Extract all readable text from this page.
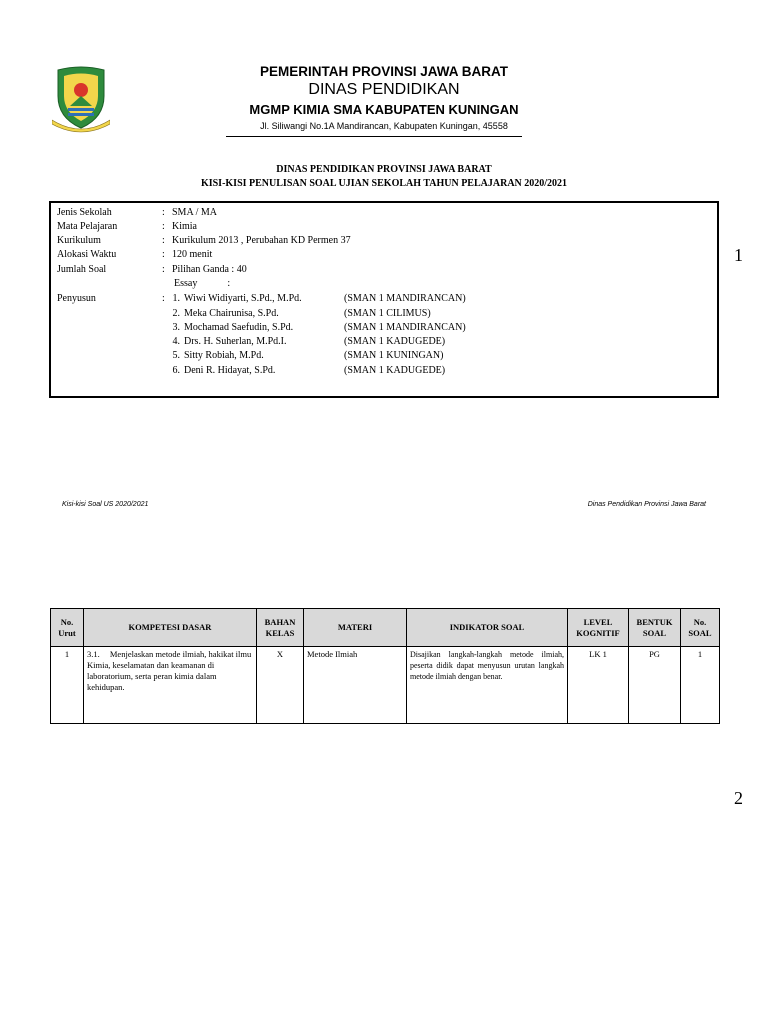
PEMERINTAH PROVINSI JAWA BARAT
DINAS PENDIDIKAN
MGMP KIMIA SMA KABUPATEN KUNINGAN
Jl. Siliwangi No.1A Mandirancan, Kabupaten Kuningan, 45558
DINAS PENDIDIKAN PROVINSI JAWA BARAT
KISI-KISI PENULISAN SOAL UJIAN SEKOLAH TAHUN PELAJARAN 2020/2021
Jenis Sekolah	: SMA / MA
Mata Pelajaran	: Kimia
Kurikulum	: Kurikulum 2013 , Perubahan KD Permen 37
Alokasi Waktu	: 120 menit
Jumlah Soal	: Pilihan Ganda : 40
Essay            :
Penyusun	: 1. Wiwi Widiyarti, S.Pd., M.Pd.	(SMAN 1 MANDIRANCAN)
2. Meka Chairunisa, S.Pd.	(SMAN 1 CILIMUS)
3. Mochamad Saefudin, S.Pd.	(SMAN 1 MANDIRANCAN)
4. Drs. H. Suherlan, M.Pd.I.	(SMAN 1 KADUGEDE)
5. Sitty Robiah, M.Pd.	(SMAN 1 KUNINGAN)
6. Deni R. Hidayat, S.Pd.	(SMAN 1 KADUGEDE)
1
Kisi-kisi Soal US 2020/2021	Dinas Pendidikan Provinsi Jawa Barat
No. Urut	KOMPETESI DASAR	BAHAN KELAS	MATERI	INDIKATOR SOAL	LEVEL KOGNITIF	BENTUK SOAL	No. SOAL
1	3.1. Menjelaskan metode ilmiah, hakikat ilmu Kimia, keselamatan dan keamanan di laboratorium, serta peran kimia dalam kehidupan.	X	Metode Ilmiah	Disajikan langkah-langkah metode ilmiah, peserta didik dapat menyusun urutan langkah metode ilmiah dengan benar.	LK 1	PG	1
2
